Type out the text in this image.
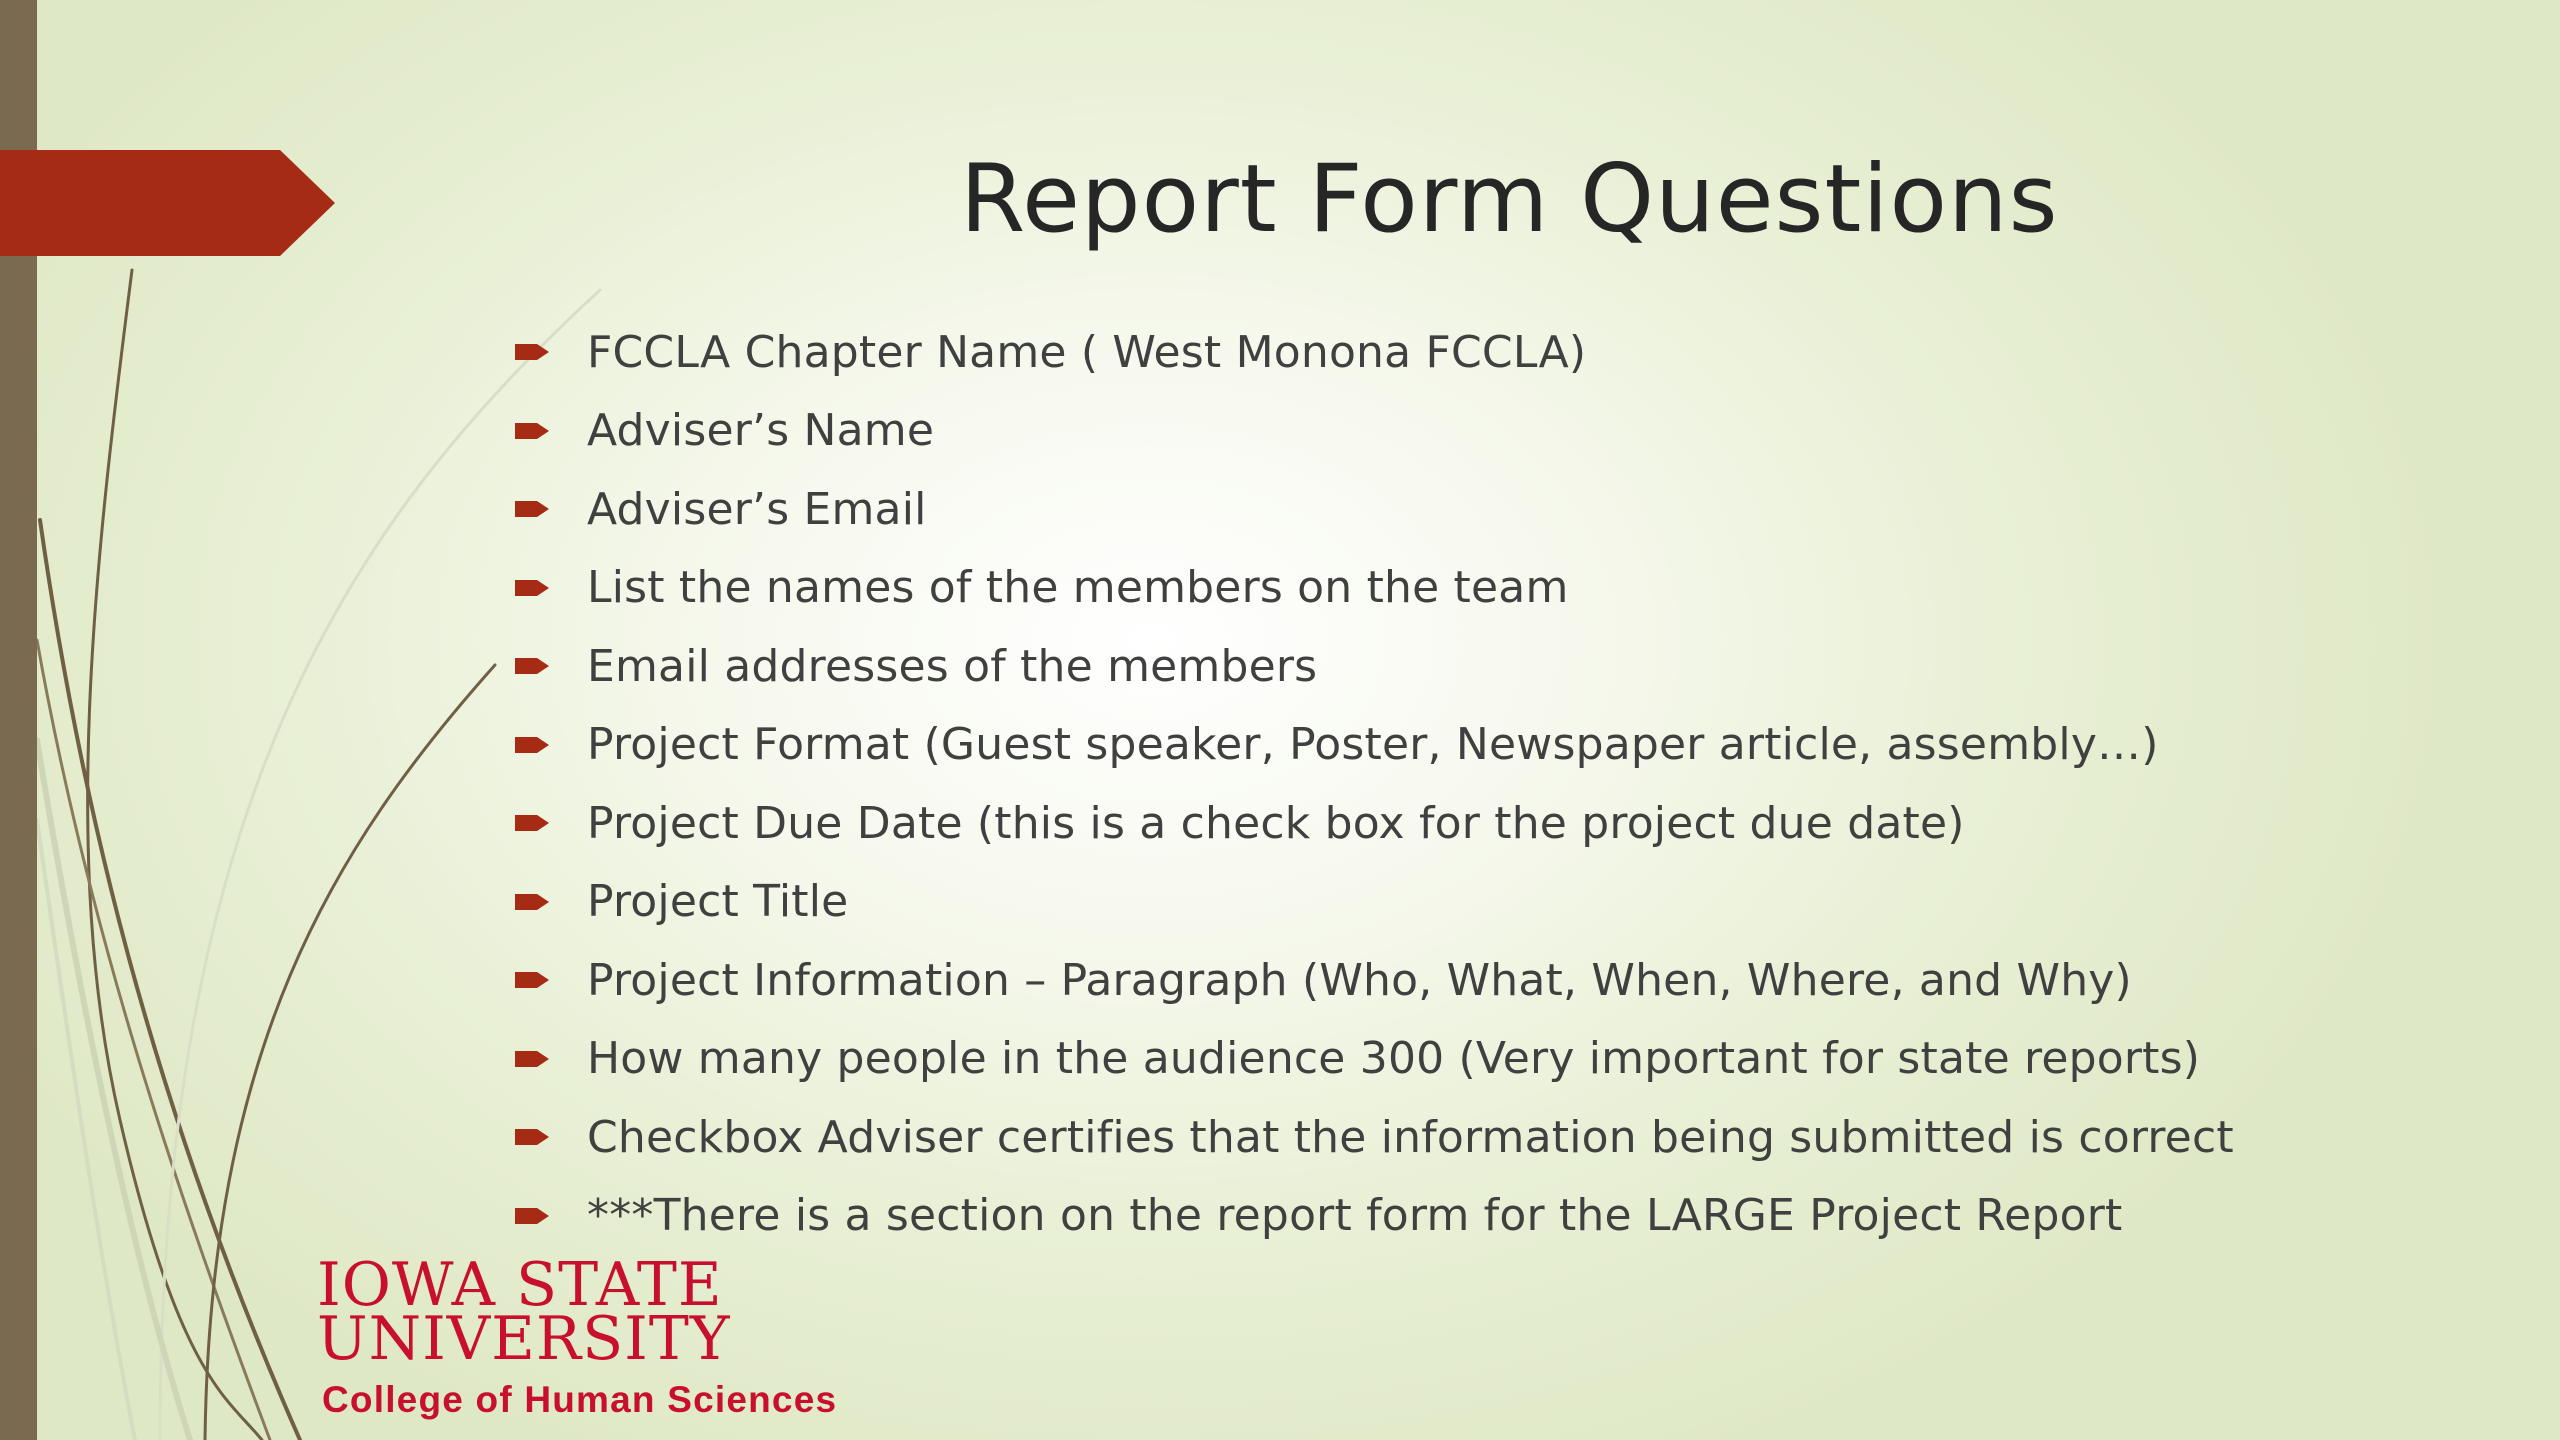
Report Form Questions
FCCLA Chapter Name ( West Monona FCCLA)
Adviser’s Name
Adviser’s Email
List the names of the members on the team
Email addresses of the members
Project Format (Guest speaker, Poster, Newspaper article, assembly…)
Project Due Date (this is a check box for the project due date)
Project Title
Project Information – Paragraph (Who, What, When, Where, and Why)
How many people in the audience 300 (Very important for state reports)
Checkbox Adviser certifies that the information being submitted is correct
***There is a section on the report form for the LARGE Project Report
IOWA STATE
UNIVERSITY
College of Human Sciences
